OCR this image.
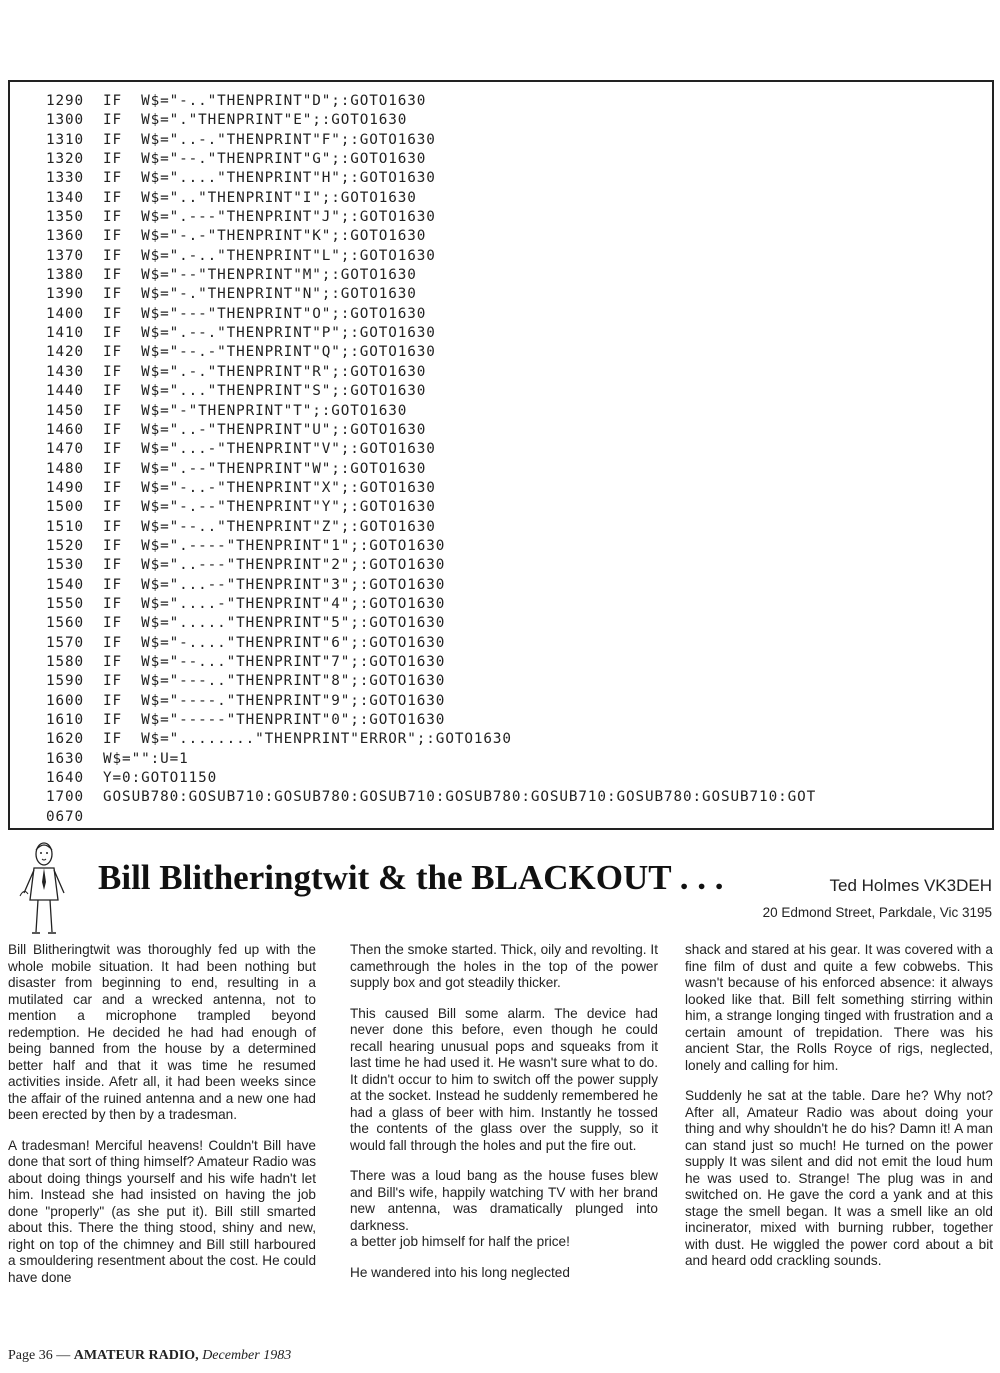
1290  IF  W$="-.."THENPRINT"D";:GOTO1630
1300  IF  W$="."THENPRINT"E";:GOTO1630
1310  IF  W$="..-."THENPRINT"F";:GOTO1630
1320  IF  W$="--."THENPRINT"G";:GOTO1630
1330  IF  W$="...."THENPRINT"H";:GOTO1630
1340  IF  W$=".."THENPRINT"I";:GOTO1630
1350  IF  W$=".---"THENPRINT"J";:GOTO1630
1360  IF  W$="-.-"THENPRINT"K";:GOTO1630
1370  IF  W$=".-.."THENPRINT"L";:GOTO1630
1380  IF  W$="--"THENPRINT"M";:GOTO1630
1390  IF  W$="-."THENPRINT"N";:GOTO1630
1400  IF  W$="---"THENPRINT"O";:GOTO1630
1410  IF  W$=".--."THENPRINT"P";:GOTO1630
1420  IF  W$="--.-"THENPRINT"Q";:GOTO1630
1430  IF  W$=".-."THENPRINT"R";:GOTO1630
1440  IF  W$="..."THENPRINT"S";:GOTO1630
1450  IF  W$="-"THENPRINT"T";:GOTO1630
1460  IF  W$="..-"THENPRINT"U";:GOTO1630
1470  IF  W$="...-"THENPRINT"V";:GOTO1630
1480  IF  W$=".--"THENPRINT"W";:GOTO1630
1490  IF  W$="-..-"THENPRINT"X";:GOTO1630
1500  IF  W$="-.--"THENPRINT"Y";:GOTO1630
1510  IF  W$="--.."THENPRINT"Z";:GOTO1630
1520  IF  W$=".----"THENPRINT"1";:GOTO1630
1530  IF  W$="..---"THENPRINT"2";:GOTO1630
1540  IF  W$="...--"THENPRINT"3";:GOTO1630
1550  IF  W$="....-"THENPRINT"4";:GOTO1630
1560  IF  W$="....."THENPRINT"5";:GOTO1630
1570  IF  W$="-...."THENPRINT"6";:GOTO1630
1580  IF  W$="--..."THENPRINT"7";:GOTO1630
1590  IF  W$="---.."THENPRINT"8";:GOTO1630
1600  IF  W$="----."THENPRINT"9";:GOTO1630
1610  IF  W$="-----"THENPRINT"0";:GOTO1630
1620  IF  W$="........"THENPRINT"ERROR";:GOTO1630
1630  W$="":U=1
1640  Y=0:GOTO1150
1700  GOSUB780:GOSUB710:GOSUB780:GOSUB710:GOSUB780:GOSUB710:GOSUB780:GOSUB710:GOT
0670
Bill Blitheringtwit & the BLACKOUT . . .	Ted Holmes VK3DEH
20 Edmond Street, Parkdale, Vic 3195

Bill Blitheringtwit was thoroughly fed up with the whole mobile situation. It had been nothing but disaster from beginning to end, resulting in a mutilated car and a wrecked antenna, not to mention a microphone trampled beyond redemption. He decided he had had enough of being banned from the house by a determined better half and that it was time he resumed activities inside. Afetr all, it had been weeks since the affair of the ruined antenna and a new one had been erected by then by a tradesman.

A tradesman! Merciful heavens! Couldn't Bill have done that sort of thing himself? Amateur Radio was about doing things yourself and his wife hadn't let him. Instead she had insisted on having the job done "properly" (as she put it). Bill still smarted about this. There the thing stood, shiny and new, right on top of the chimney and Bill still harboured a smouldering resentment about the cost. He could have done

Then the smoke started. Thick, oily and revolting. It camethrough the holes in the top of the power supply box and got steadily thicker.

This caused Bill some alarm. The device had never done this before, even though he could recall hearing unusual pops and squeaks from it last time he had used it. He wasn't sure what to do. It didn't occur to him to switch off the power supply at the socket. Instead he suddenly remembered he had a glass of beer with him. Instantly he tossed the contents of the glass over the supply, so it would fall through the holes and put the fire out.

There was a loud bang as the house fuses blew and Bill's wife, happily watching TV with her brand new antenna, was dramatically plunged into darkness.

a better job himself for half the price!

He wandered into his long neglected

shack and stared at his gear. It was covered with a fine film of dust and quite a few cobwebs. This wasn't because of his enforced absence: it always looked like that. Bill felt something stirring within him, a strange longing tinged with frustration and a certain amount of trepidation. There was his ancient Star, the Rolls Royce of rigs, neglected, lonely and calling for him.

Suddenly he sat at the table. Dare he? Why not? After all, Amateur Radio was about doing your thing and why shouldn't he do his? Damn it! A man can stand just so much! He turned on the power supply It was silent and did not emit the loud hum he was used to. Strange! The plug was in and switched on. He gave the cord a yank and at this stage the smell began. It was a smell like an old incinerator, mixed with burning rubber, together with dust. He wiggled the power cord about a bit and heard odd crackling sounds.

Page 36 — AMATEUR RADIO, December 1983
